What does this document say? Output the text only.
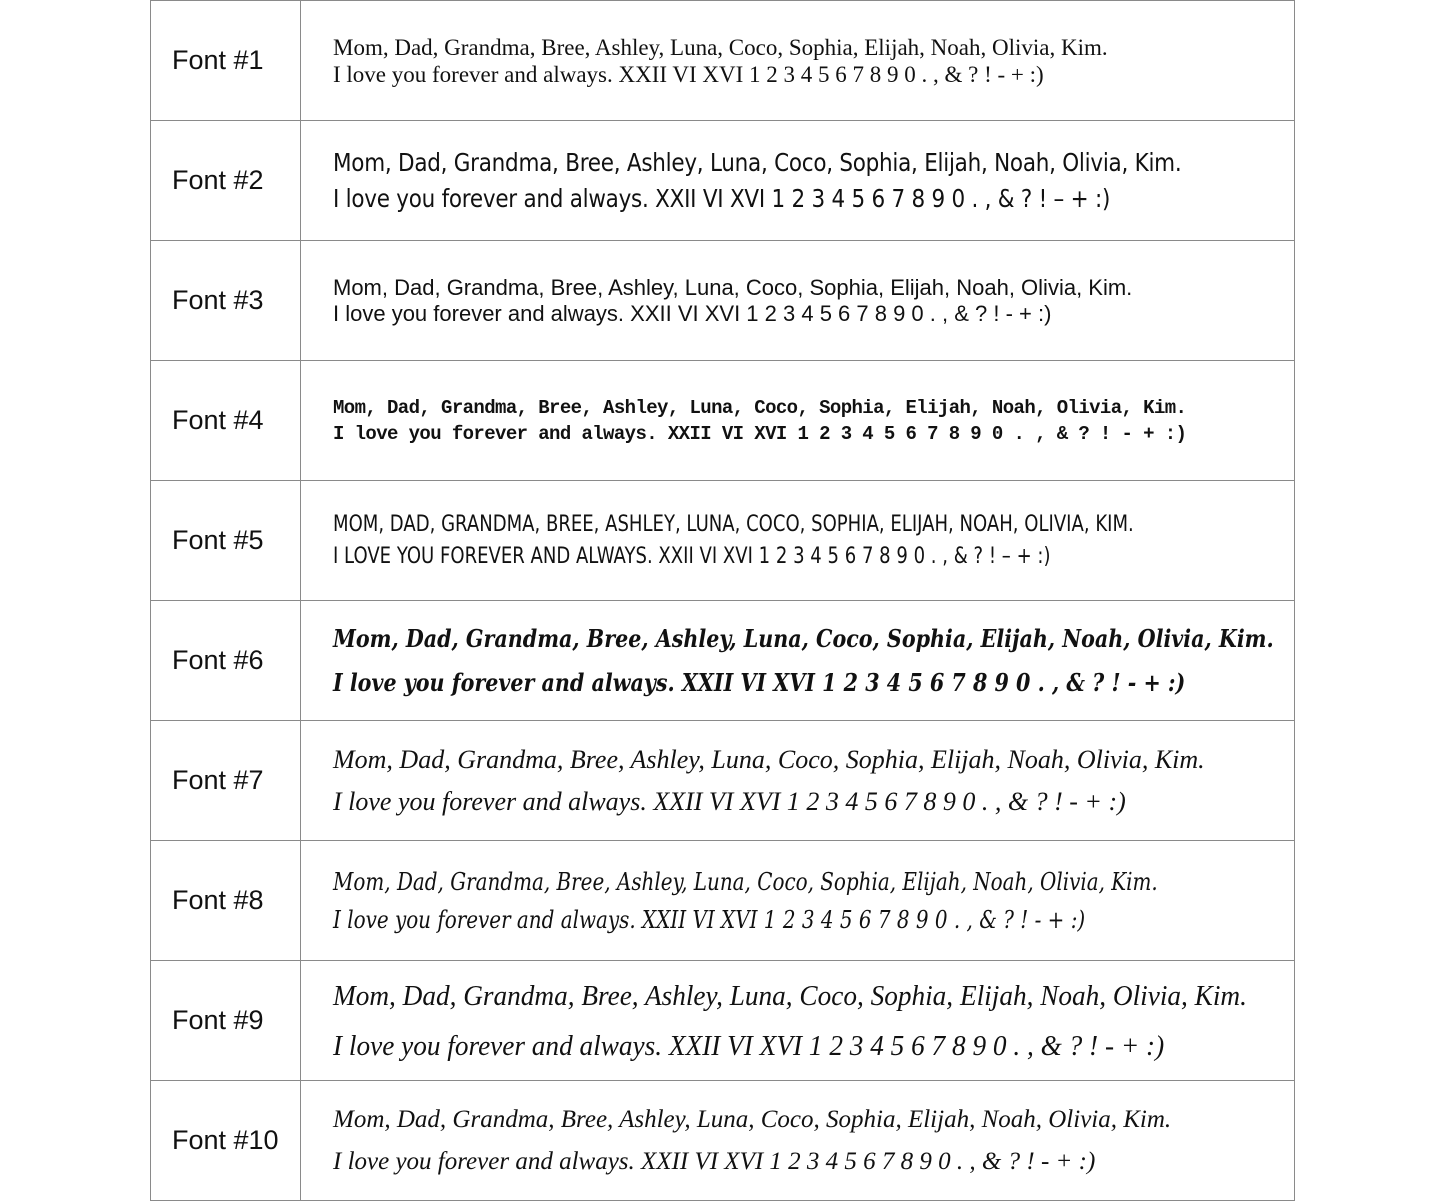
Font #1	Mom, Dad, Grandma, Bree, Ashley, Luna, Coco, Sophia, Elijah, Noah, Olivia, Kim.
I love you forever and always. XXII VI XVI 1 2 3 4 5 6 7 8 9 0 . , & ? ! - + :)
Font #2
Mom, Dad, Grandma, Bree, Ashley, Luna, Coco, Sophia, Elijah, Noah, Olivia, Kim.
I love you forever and always. XXII VI XVI 1 2 3 4 5 6 7 8 9 0 . , & ? ! – + :)
Font #3	Mom, Dad, Grandma, Bree, Ashley, Luna, Coco, Sophia, Elijah, Noah, Olivia, Kim.
I love you forever and always. XXII VI XVI 1 2 3 4 5 6 7 8 9 0 . , & ? ! - + :)
Font #4	Mom, Dad, Grandma, Bree, Ashley, Luna, Coco, Sophia, Elijah, Noah, Olivia, Kim.
I love you forever and always. XXII VI XVI 1 2 3 4 5 6 7 8 9 0 . , & ? ! - + :)
Font #5
MOM, DAD, GRANDMA, BREE, ASHLEY, LUNA, COCO, SOPHIA, ELIJAH, NOAH, OLIVIA, KIM.
I LOVE YOU FOREVER AND ALWAYS. XXII VI XVI 1 2 3 4 5 6 7 8 9 0 . , & ? ! – + :)
Font #6
Mom, Dad, Grandma, Bree, Ashley, Luna, Coco, Sophia, Elijah, Noah, Olivia, Kim.
I love you forever and always. XXII VI XVI 1 2 3 4 5 6 7 8 9 0 . , & ? ! - + :)
Font #7
Mom, Dad, Grandma, Bree, Ashley, Luna, Coco, Sophia, Elijah, Noah, Olivia, Kim.
I love you forever and always. XXII VI XVI 1 2 3 4 5 6 7 8 9 0 . , & ? ! - + :)
Font #8
Mom, Dad, Grandma, Bree, Ashley, Luna, Coco, Sophia, Elijah, Noah, Olivia, Kim.
I love you forever and always. XXII VI XVI 1 2 3 4 5 6 7 8 9 0 . , & ? ! - + :)
Font #9
Mom, Dad, Grandma, Bree, Ashley, Luna, Coco, Sophia, Elijah, Noah, Olivia, Kim.
I love you forever and always. XXII VI XVI 1 2 3 4 5 6 7 8 9 0 . , & ? ! - + :)
Font #10
Mom, Dad, Grandma, Bree, Ashley, Luna, Coco, Sophia, Elijah, Noah, Olivia, Kim.
I love you forever and always. XXII VI XVI 1 2 3 4 5 6 7 8 9 0 . , & ? ! - + :)
